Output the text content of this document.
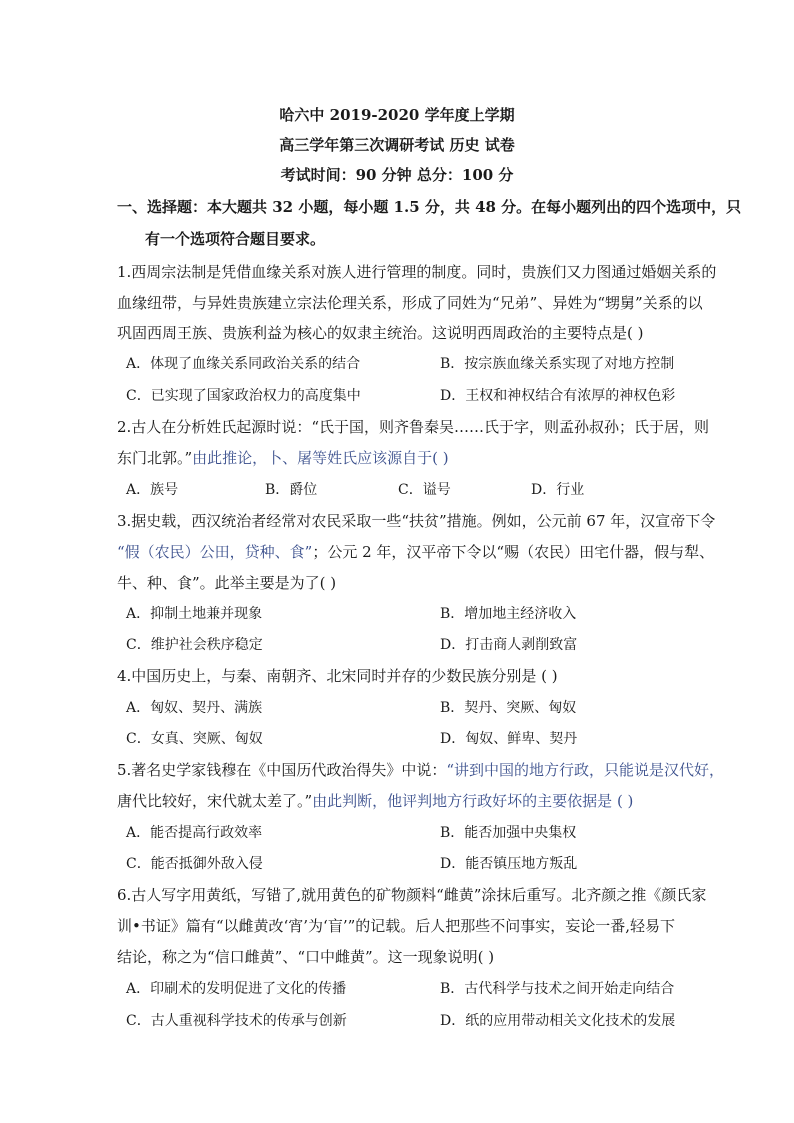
哈六中 2019-2020 学年度上学期
高三学年第三次调研考试 历史 试卷
考试时间：90 分钟 总分：100 分
一、选择题：本大题共 32 小题，每小题 1.5 分，共 48 分。在每小题列出的四个选项中，只
有一个选项符合题目要求。
1.西周宗法制是凭借血缘关系对族人进行管理的制度。同时，贵族们又力图通过婚姻关系的
血缘纽带，与异姓贵族建立宗法伦理关系，形成了同姓为“兄弟”、异姓为“甥舅”关系的以
巩固西周王族、贵族利益为核心的奴隶主统治。这说明西周政治的主要特点是( )
A．体现了血缘关系同政治关系的结合	B．按宗族血缘关系实现了对地方控制
C．已实现了国家政治权力的高度集中	D．王权和神权结合有浓厚的神权色彩
2.古人在分析姓氏起源时说：“氏于国，则齐鲁秦吴……氏于字，则孟孙叔孙；氏于居，则
东门北郭。”由此推论，卜、屠等姓氏应该源自于( )
A．族号	B．爵位	C．谥号	D．行业
3.据史载，西汉统治者经常对农民采取一些“扶贫”措施。例如，公元前 67 年，汉宣帝下令
“假（农民）公田，贷种、食”；公元 2 年，汉平帝下令以“赐（农民）田宅什器，假与犁、
牛、种、食”。此举主要是为了( )
A．抑制土地兼并现象	B．增加地主经济收入
C．维护社会秩序稳定	D．打击商人剥削致富
4.中国历史上，与秦、南朝齐、北宋同时并存的少数民族分别是 ( )
A．匈奴、契丹、满族	B．契丹、突厥、匈奴
C．女真、突厥、匈奴	D．匈奴、鲜卑、契丹
5.著名史学家钱穆在《中国历代政治得失》中说：“讲到中国的地方行政，只能说是汉代好，
唐代比较好，宋代就太差了。”由此判断，他评判地方行政好坏的主要依据是 ( )
A．能否提高行政效率	B．能否加强中央集权
C．能否抵御外敌入侵	D．能否镇压地方叛乱
6.古人写字用黄纸，写错了,就用黄色的矿物颜料“雌黄”涂抹后重写。北齐颜之推《颜氏家
训•书证》篇有“以雌黄改‘宵’为‘盲’”的记载。后人把那些不问事实，妄论一番,轻易下
结论，称之为“信口雌黄”、“口中雌黄”。这一现象说明( )
A．印刷术的发明促进了文化的传播	B．古代科学与技术之间开始走向结合
C．古人重视科学技术的传承与创新	D．纸的应用带动相关文化技术的发展
